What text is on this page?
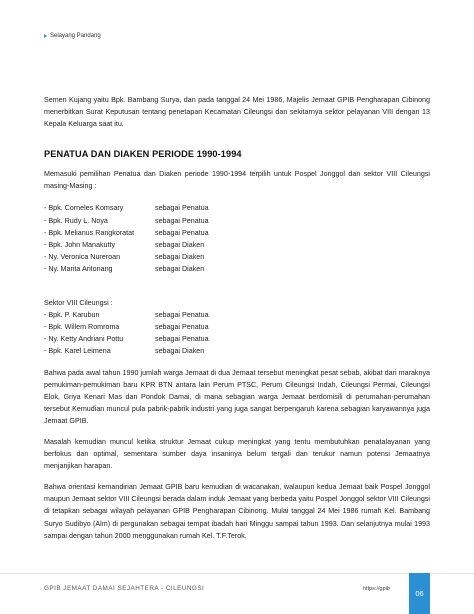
Selayang Pandang

Semen Kujang yaitu Bpk. Bambang Surya, dan pada tanggal 24 Mei 1986, Majelis Jemaat GPIB Pengharapan Cibinong menerbitkan Surat Keputusan tentang penetapan Kecamatan Cileungsi dan sekitarnya sektor pelayanan VIII dengan 13 Kepala Keluarga saat itu.

PENATUA DAN DIAKEN PERIODE 1990-1994

Memasuki pemilihan Penatua dan Diaken periode 1990-1994 terpilih untuk Pospel Jonggol dan sektor VIII Cileungsi masing-Masing :

- Bpk. Corneles Komsary	sebagai Penatua
- Bpk. Rudy L. Noya	sebagai Penatua
- Bpk. Melianus Rangkoratat	sebagai Penatua
- Bpk. John Manakutty	sebagai Diaken
- Ny. Veronica Nureroan	sebagai Diaken
- Ny. Marita Aritonang	sebagai Diaken
Sektor VIII Cileungsi :
- Bpk. P. Karubun	sebagai Penatua
- Bpk. Willem Romroma	sebagai Penatua
- Ny. Ketty Andriani Pottu	sebagai Penatua
- Bpk. Karel Leimena	sebagai Diaken

Bahwa pada awal tahun 1990 jumlah warga Jemaat di dua Jemaat tersebut meningkat pesat sebab, akibat dari maraknya pemukiman-pemukiman baru KPR BTN antara lain Perum PTSC, Perum Cileungsi Indah, Cileungsi Permai, Cileungsi Elok, Griya Kenari Mas dan Pondok Damai, di mana sebagian warga Jemaat berdomisili di perumahan-perumahan tersebut Kemudian muncul pula pabrik-pabrik industri yang juga sangat berpengaruh karena sebagian karyawannya juga Jemaat GPIB.

Masalah kemudian muncul ketika struktur Jemaat cukup meningkat yang tentu membutuhkan penatalayanan yang berfokus dan optimal, sementara sumber daya insaninya belum tergali dan terukur namun potensi Jemaatnya menjanjikan harapan.

Bahwa orientasi kemandirian Jemaat GPIB baru kemudian di wacanakan, walaupun kedua Jemaat baik Pospel Jonggol maupun Jemaat sektor VIII Cileungsi berada dalam induk Jemaat yang berbeda yaitu Pospel Jonggol sektor VIII Cileungsi di tetapkan sebagai wilayah pelayanan GPIB Pengharapan Cibinong. Mulai tanggal 24 Mei 1986 rumah Kel. Bambang Suryo Sudibyo (Alm) di pergunakan sebagai tempat ibadah hari Minggu sampai tahun 1993. Dan selanjutnya mulai 1993 sampai dengan tahun 2000 menggunakan rumah Kel. T.F.Terok.

GPIB JEMAAT DAMAI SEJAHTERA - CILEUNGSI	https://gpib	06
